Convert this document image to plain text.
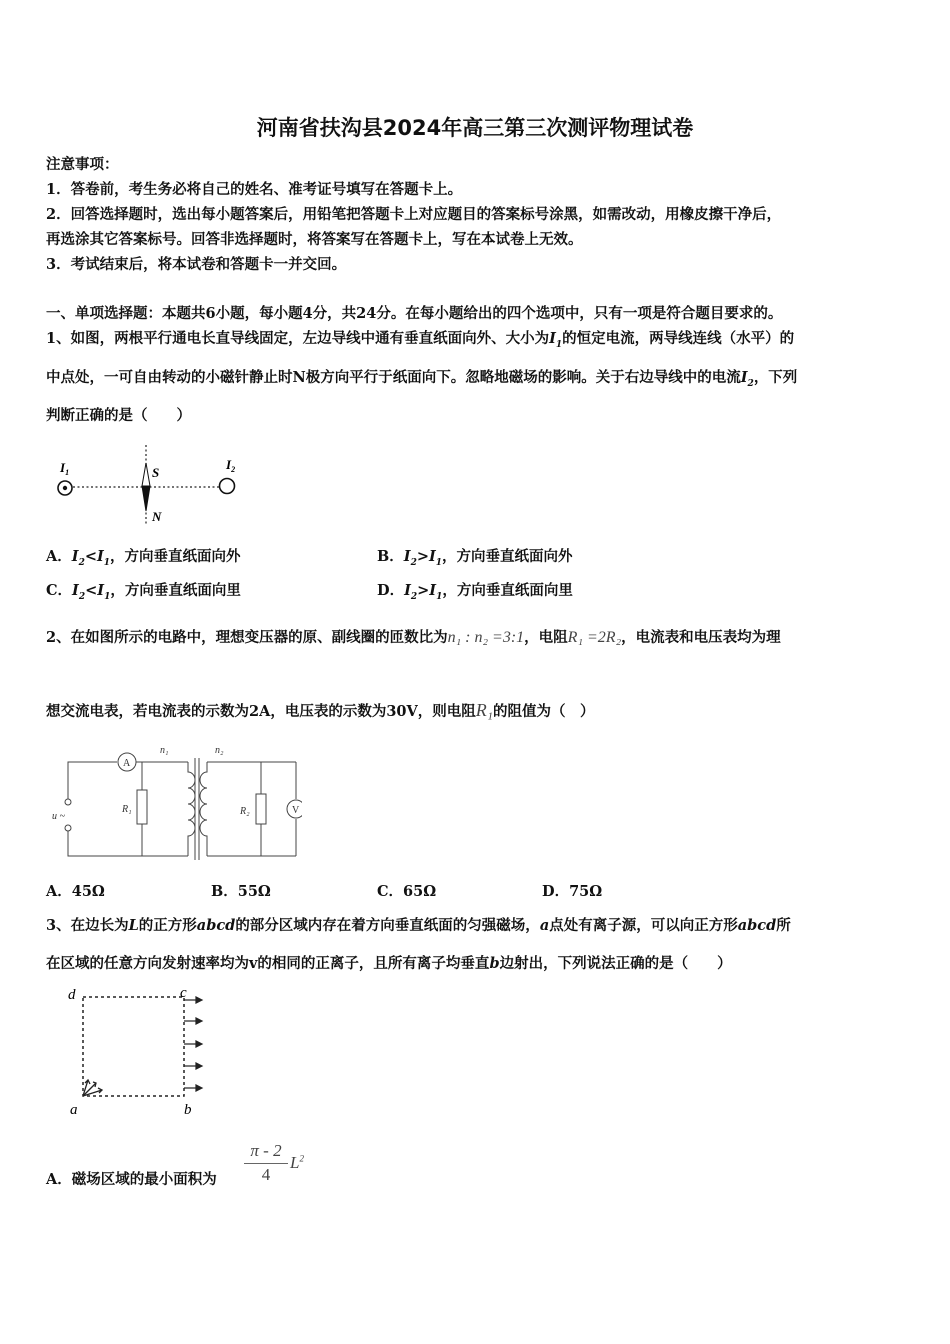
河南省扶沟县2024年高三第三次测评物理试卷
注意事项：
1．答卷前，考生务必将自己的姓名、准考证号填写在答题卡上。
2．回答选择题时，选出每小题答案后，用铅笔把答题卡上对应题目的答案标号涂黑，如需改动，用橡皮擦干净后，
再选涂其它答案标号。回答非选择题时，将答案写在答题卡上，写在本试卷上无效。
3．考试结束后，将本试卷和答题卡一并交回。
一、单项选择题：本题共6小题，每小题4分，共24分。在每小题给出的四个选项中，只有一项是符合题目要求的。
1、如图，两根平行通电长直导线固定，左边导线中通有垂直纸面向外、大小为$I_1$的恒定电流，两导线连线（水平）的
中点处，一可自由转动的小磁针静止时N极方向平行于纸面向下。忽略地磁场的影响。关于右边导线中的电流$I_2$，下列
判断正确的是（　　）
$I_1$
$I_2$
S
N
A．$I_2<I_1$，方向垂直纸面向外	B．$I_2>I_1$，方向垂直纸面向外
C．$I_2<I_1$，方向垂直纸面向里	D．$I_2>I_1$，方向垂直纸面向里
2、在如图所示的电路中，理想变压器的原、副线圈的匝数比为n₁ : n₂ =3:1，电阻R₁ =2R₂，电流表和电压表均为理
想交流电表，若电流表的示数为2A，电压表的示数为30V，则电阻R₁的阻值为（　）
A
V
n₁	n₂
u ~
R₁	R₂
A．45Ω	B．55Ω	C．65Ω	D．75Ω
3、在边长为L的正方形abcd的部分区域内存在着方向垂直纸面的匀强磁场，a点处有离子源，可以向正方形abcd所
在区域的任意方向发射速率均为v的相同的正离子，且所有离子均垂直b边射出，下列说法正确的是（　　）
d	c
a	b
A．磁场区域的最小面积为 $\frac{\pi - 2}{4} L^2$
